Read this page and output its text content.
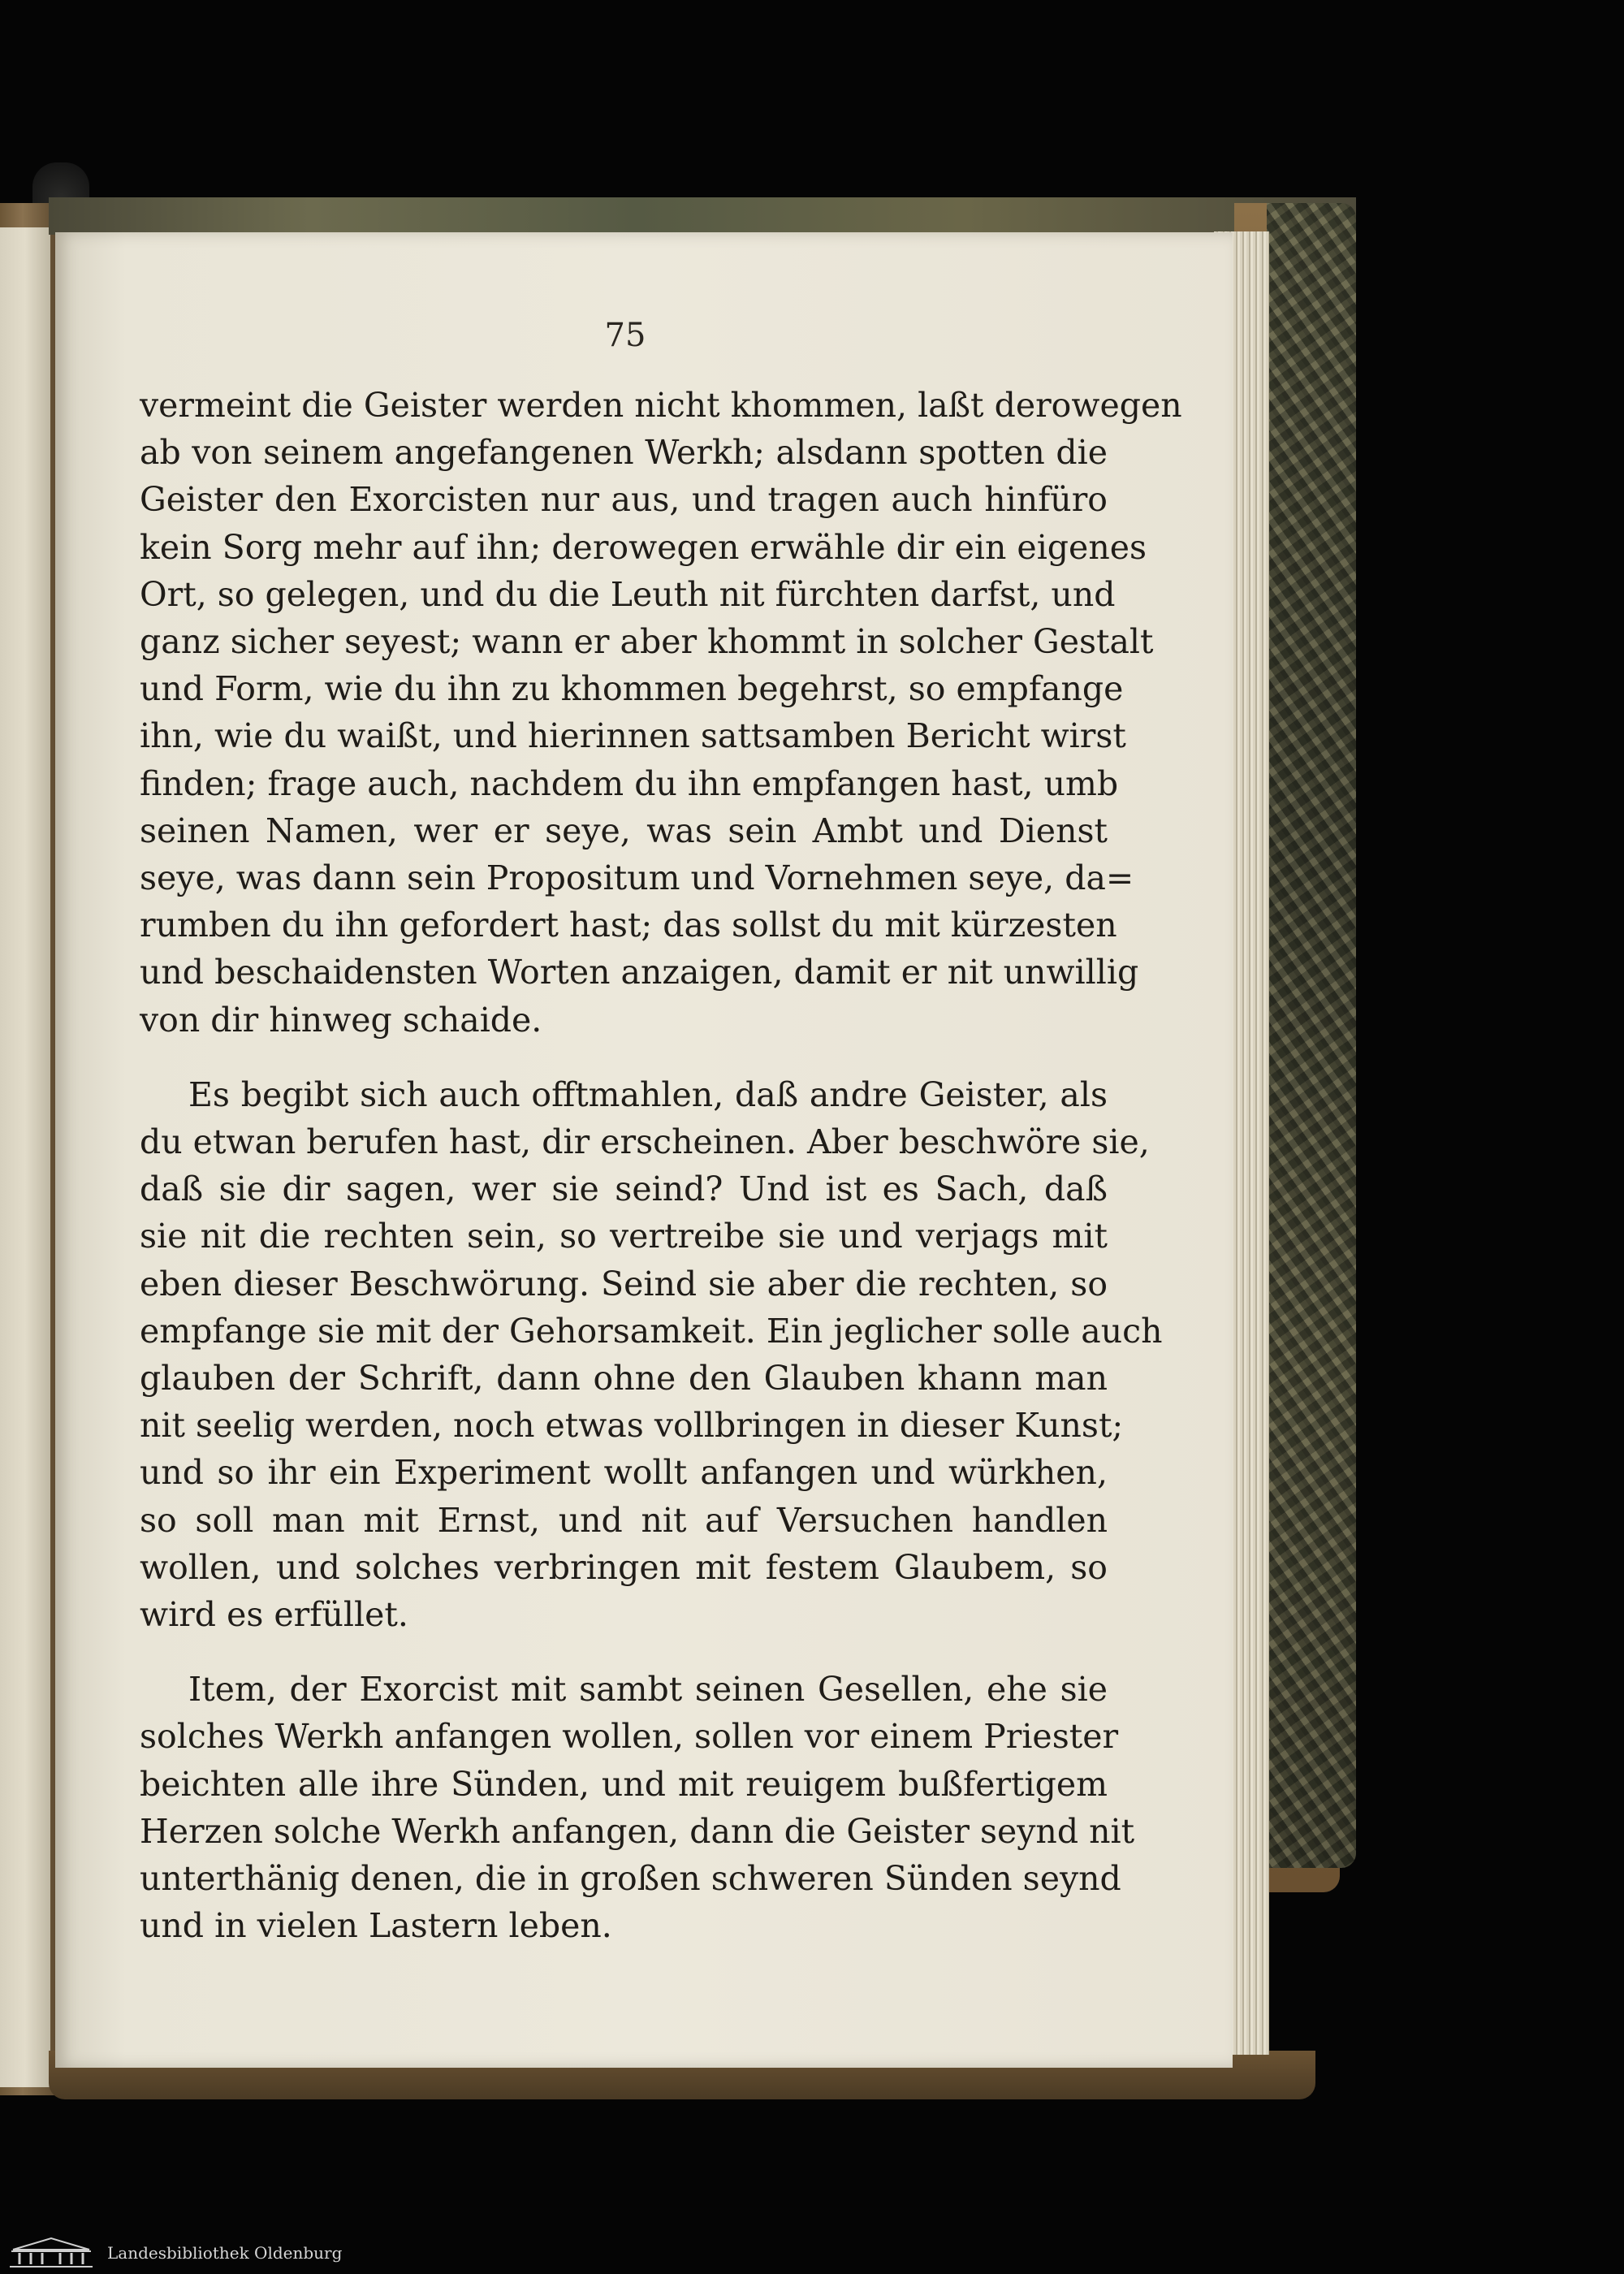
75

vermeint die Geister werden nicht khommen, laßt derowegen
ab von seinem angefangenen Werkh; alsdann spotten die
Geister den Exorcisten nur aus, und tragen auch hinfüro
kein Sorg mehr auf ihn; derowegen erwähle dir ein eigenes
Ort, so gelegen, und du die Leuth nit fürchten darfst, und
ganz sicher seyest; wann er aber khommt in solcher Gestalt
und Form, wie du ihn zu khommen begehrst, so empfange
ihn, wie du waißt, und hierinnen sattsamben Bericht wirst
finden; frage auch, nachdem du ihn empfangen hast, umb
seinen Namen, wer er seye, was sein Ambt und Dienst
seye, was dann sein Propositum und Vornehmen seye, da=
rumben du ihn gefordert hast; das sollst du mit kürzesten
und beschaidensten Worten anzaigen, damit er nit unwillig
von dir hinweg schaide.

Es begibt sich auch offtmahlen, daß andre Geister, als
du etwan berufen hast, dir erscheinen. Aber beschwöre sie,
daß sie dir sagen, wer sie seind? Und ist es Sach, daß
sie nit die rechten sein, so vertreibe sie und verjags mit
eben dieser Beschwörung. Seind sie aber die rechten, so
empfange sie mit der Gehorsamkeit. Ein jeglicher solle auch
glauben der Schrift, dann ohne den Glauben khann man
nit seelig werden, noch etwas vollbringen in dieser Kunst;
und so ihr ein Experiment wollt anfangen und würkhen,
so soll man mit Ernst, und nit auf Versuchen handlen
wollen, und solches verbringen mit festem Glaubem, so
wird es erfüllet.

Item, der Exorcist mit sambt seinen Gesellen, ehe sie
solches Werkh anfangen wollen, sollen vor einem Priester
beichten alle ihre Sünden, und mit reuigem bußfertigem
Herzen solche Werkh anfangen, dann die Geister seynd nit
unterthänig denen, die in großen schweren Sünden seynd
und in vielen Lastern leben.

Landesbibliothek Oldenburg
